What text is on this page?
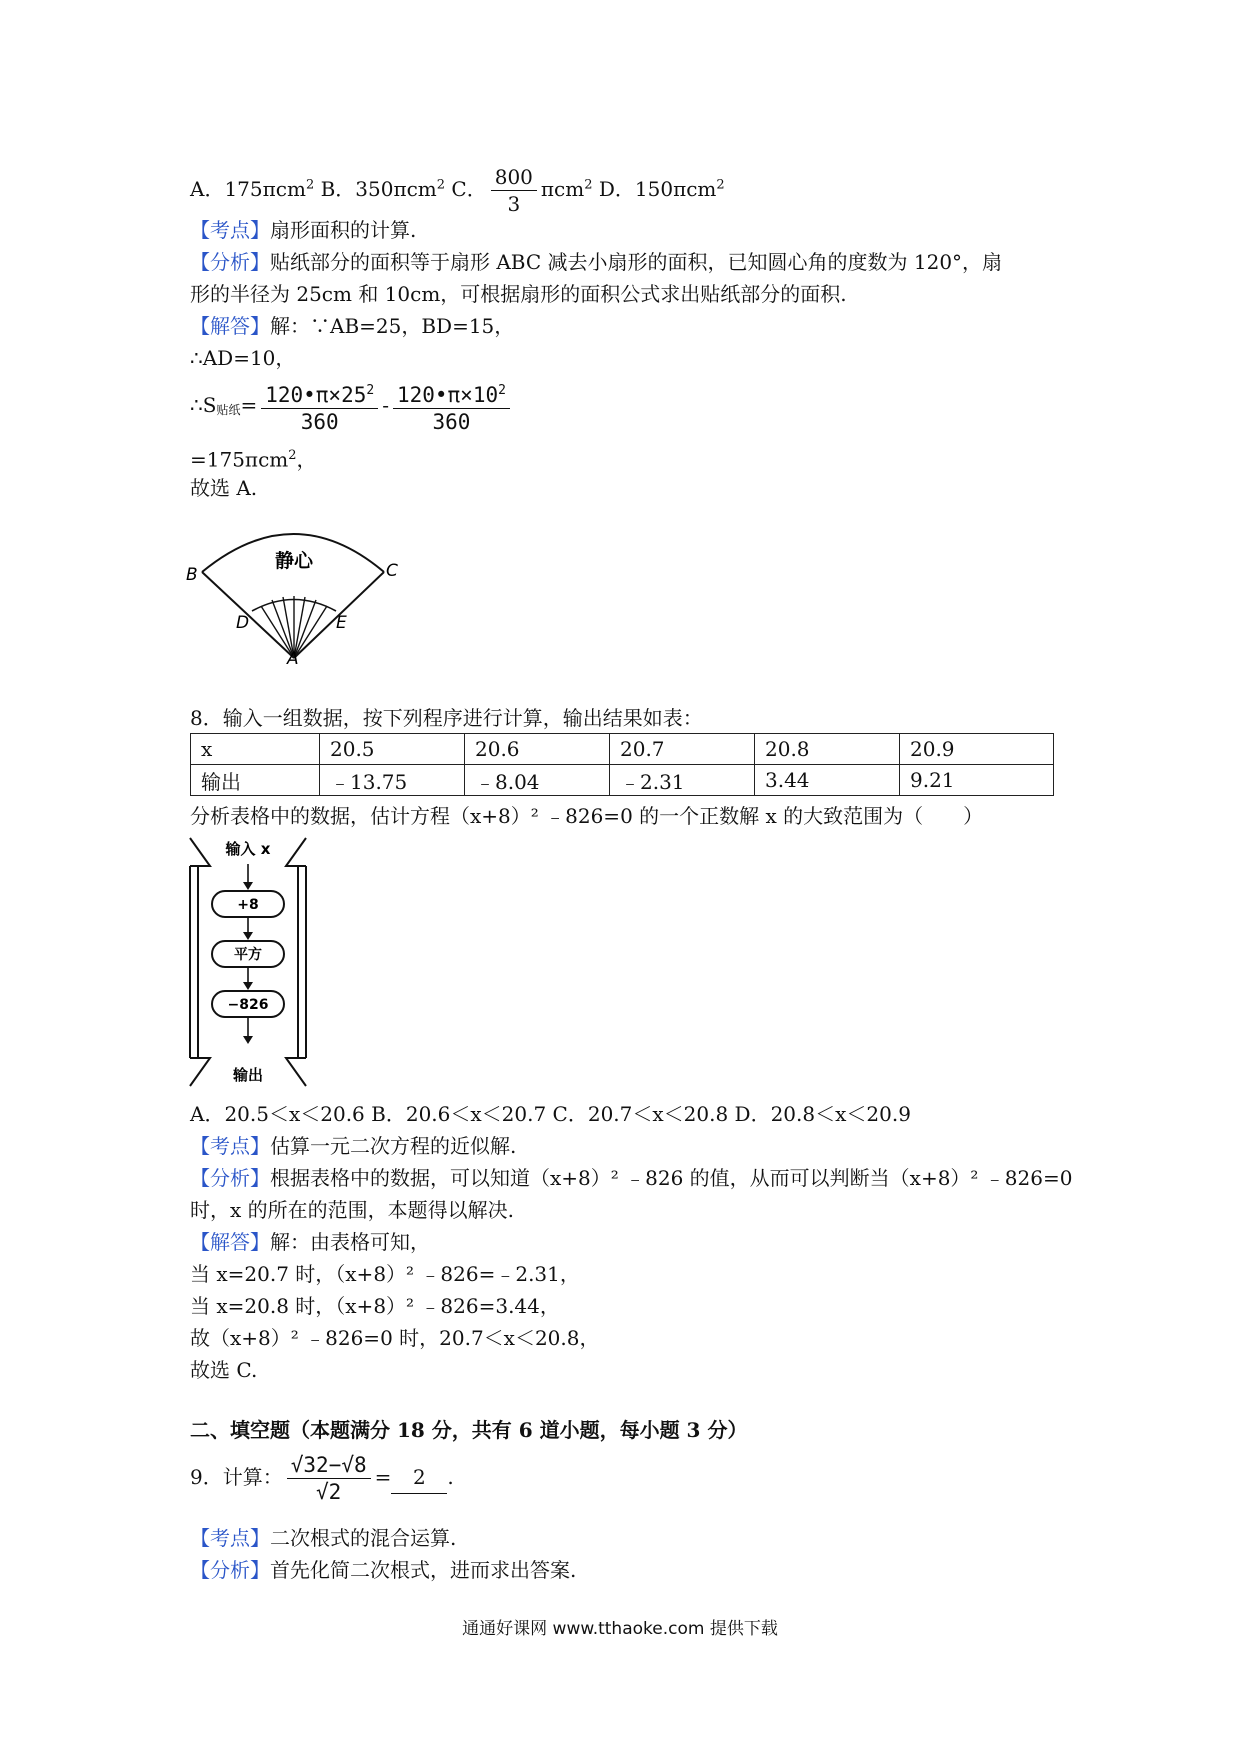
A．175πcm$^2$ B．350πcm$^2$ C． $\frac{800}{3} \pi cm^2$ D．150πcm$^2$
【考点】扇形面积的计算.
【分析】贴纸部分的面积等于扇形 ABC 减去小扇形的面积，已知圆心角的度数为 120°，扇
形的半径为 25cm 和 10cm，可根据扇形的面积公式求出贴纸部分的面积.
【解答】解：∵AB=25，BD=15，
∴AD=10，
∴S贴纸= $\frac{120•\pi\times 25^2}{360} - \frac{120•\pi\times 10^2}{360}$
=175πcm$^2$，
故选 A.
静心
B	C
D	E
A
8．输入一组数据，按下列程序进行计算，输出结果如表：
x	20.5	20.6	20.7	20.8	20.9
输出	﹣13.75	﹣8.04	﹣2.31	3.44	9.21
分析表格中的数据，估计方程（x+8）² ﹣826=0 的一个正数解 x 的大致范围为（　　）
输入 x
+8
平方
−826
输出
A．20.5＜x＜20.6 B．20.6＜x＜20.7 C．20.7＜x＜20.8 D．20.8＜x＜20.9
【考点】估算一元二次方程的近似解.
【分析】根据表格中的数据，可以知道（x+8）² ﹣826 的值，从而可以判断当（x+8）² ﹣826=0
时，x 的所在的范围，本题得以解决.
【解答】解：由表格可知，
当 x=20.7 时，（x+8）² ﹣826=﹣2.31，
当 x=20.8 时，（x+8）² ﹣826=3.44，
故（x+8）² ﹣826=0 时，20.7＜x＜20.8，
故选 C.
二、填空题（本题满分 18 分，共有 6 道小题，每小题 3 分）
9．计算： $\frac{√32-√8}{√2} = 2$ .
【考点】二次根式的混合运算.
【分析】首先化简二次根式，进而求出答案.
通通好课网 www.tthaoke.com 提供下载
